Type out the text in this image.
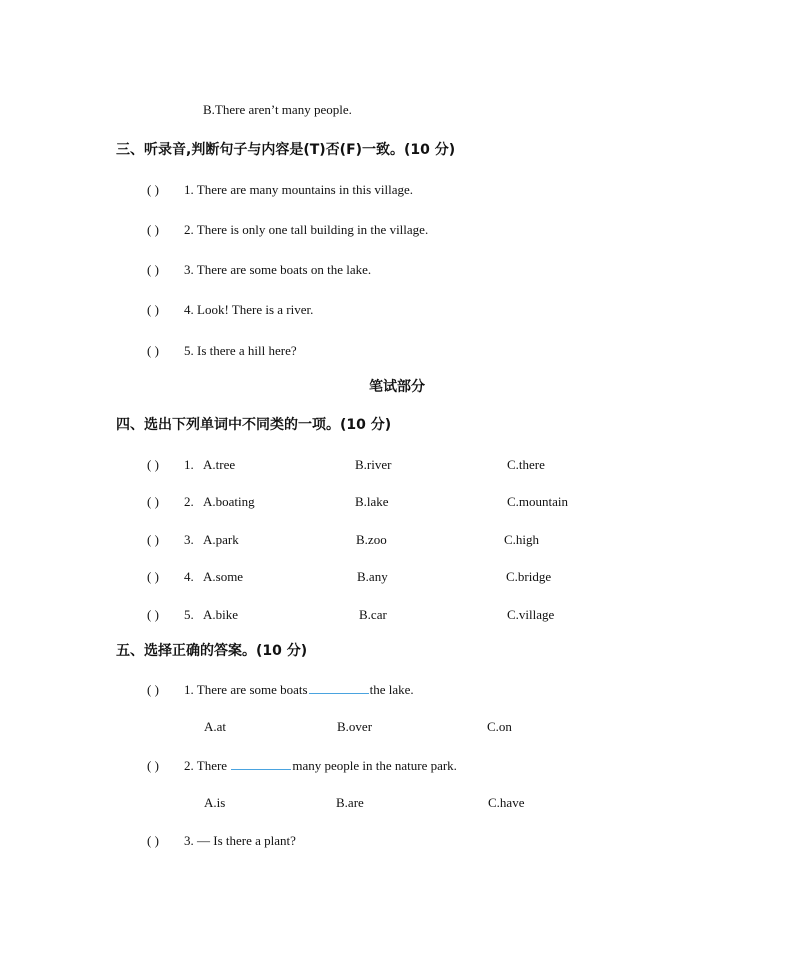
B.There aren’t many people.
三、听录音,判断句子与内容是(T)否(F)一致。(10 分)
( ) 1. There are many mountains in this village.
( ) 2. There is only one tall building in the village.
( ) 3. There are some boats on the lake.
( ) 4. Look! There is a river.
( ) 5. Is there a hill here?
笔试部分
四、选出下列单词中不同类的一项。(10 分)
( ) 1. A.tree	B.river	C.there
( ) 2. A.boating	B.lake	C.mountain
( ) 3. A.park	B.zoo	C.high
( ) 4. A.some	B.any	C.bridge
( ) 5. A.bike	B.car	C.village
五、选择正确的答案。(10 分)
( ) 1. There are some boats	the lake.
A.at	B.over	C.on
( ) 2. There	many people in the nature park.
A.is	B.are	C.have
( ) 3. — Is there a plant?
